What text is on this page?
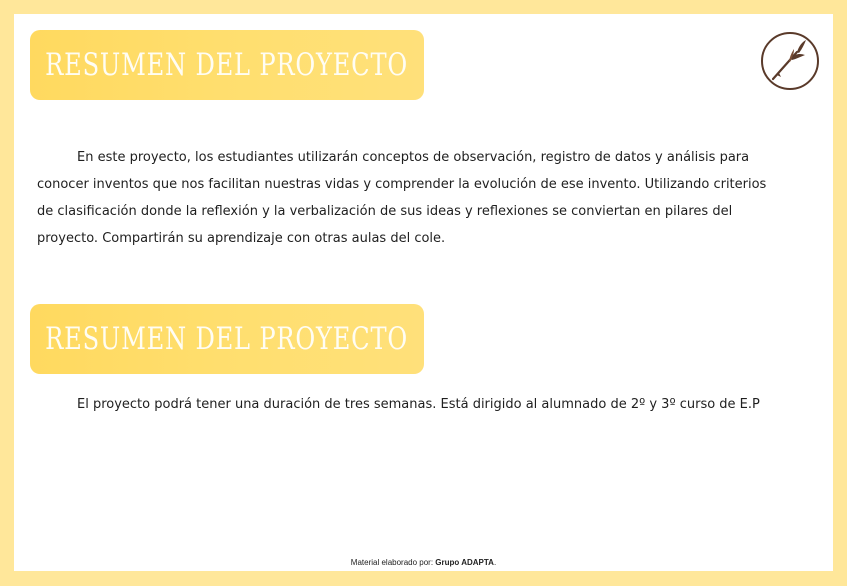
RESUMEN DEL PROYECTO

En este proyecto, los estudiantes utilizarán conceptos de observación, registro de datos y análisis para conocer inventos que nos facilitan nuestras vidas y comprender la evolución de ese invento. Utilizando criterios de clasificación donde la reflexión y la verbalización de sus ideas y reflexiones se conviertan en pilares del proyecto. Compartirán su aprendizaje con otras aulas del cole.

RESUMEN DEL PROYECTO

El proyecto podrá tener una duración de tres semanas. Está dirigido al alumnado de 2º y 3º curso de E.P

Material elaborado por: Grupo ADAPTA.
